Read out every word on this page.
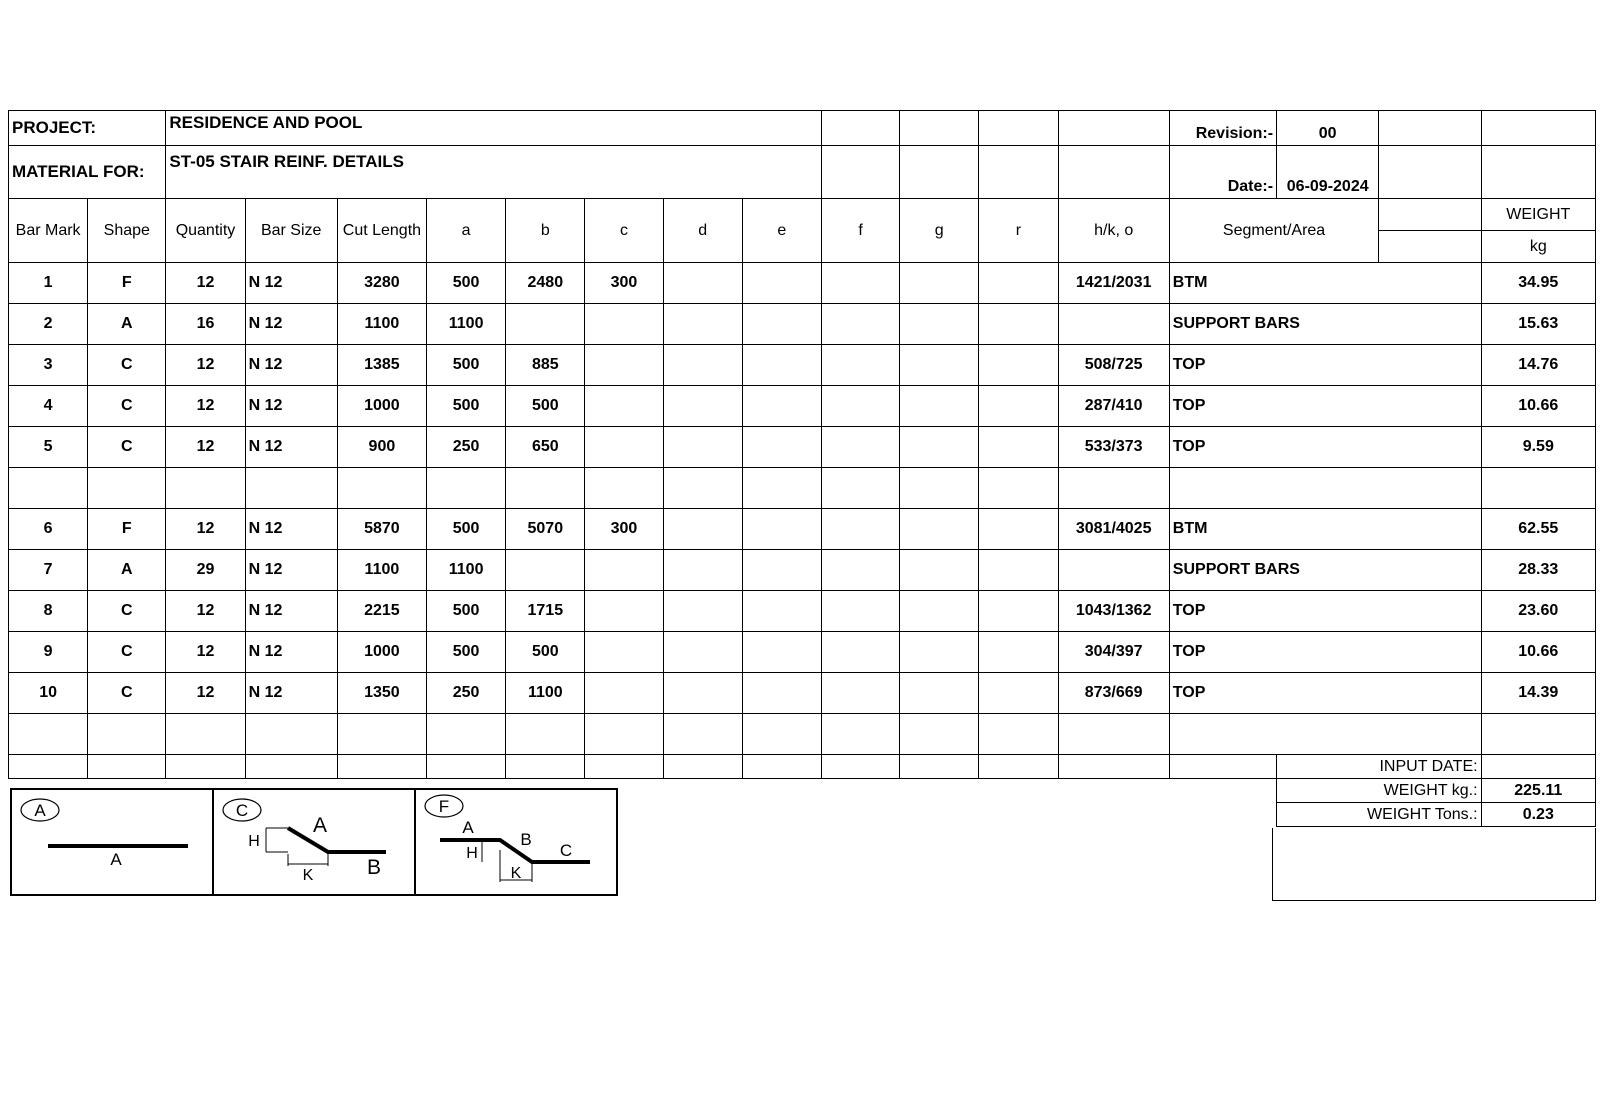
PROJECT:		RESIDENCE AND POOL												Revision:-	00		
MATERIAL FOR:		ST-05 STAIR REINF. DETAILS												Date:-	06-09-2024		
Bar Mark	Shape	Quantity	Bar Size	Cut Length	a	b	c	d	e	f	g	r	h/k, o	Segment/Area			WEIGHT
																	kg
1	F	12	N 12	3280	500	2480	300						1421/2031	BTM			34.95
2	A	16	N 12	1100	1100									SUPPORT BARS			15.63
3	C	12	N 12	1385	500	885							508/725	TOP			14.76
4	C	12	N 12	1000	500	500							287/410	TOP			10.66
5	C	12	N 12	900	250	650							533/373	TOP			9.59

6	F	12	N 12	5870	500	5070	300						3081/4025	BTM			62.55
7	A	29	N 12	1100	1100									SUPPORT BARS			28.33
8	C	12	N 12	2215	500	1715							1043/1362	TOP			23.60
9	C	12	N 12	1000	500	500							304/397	TOP			10.66
10	C	12	N 12	1350	250	1100							873/669	TOP			14.39

															INPUT DATE:		
															WEIGHT kg.:		225.11
															WEIGHT Tons.:		0.23
A
A
C
H
A
K	B
F
A
H
B
C
K
